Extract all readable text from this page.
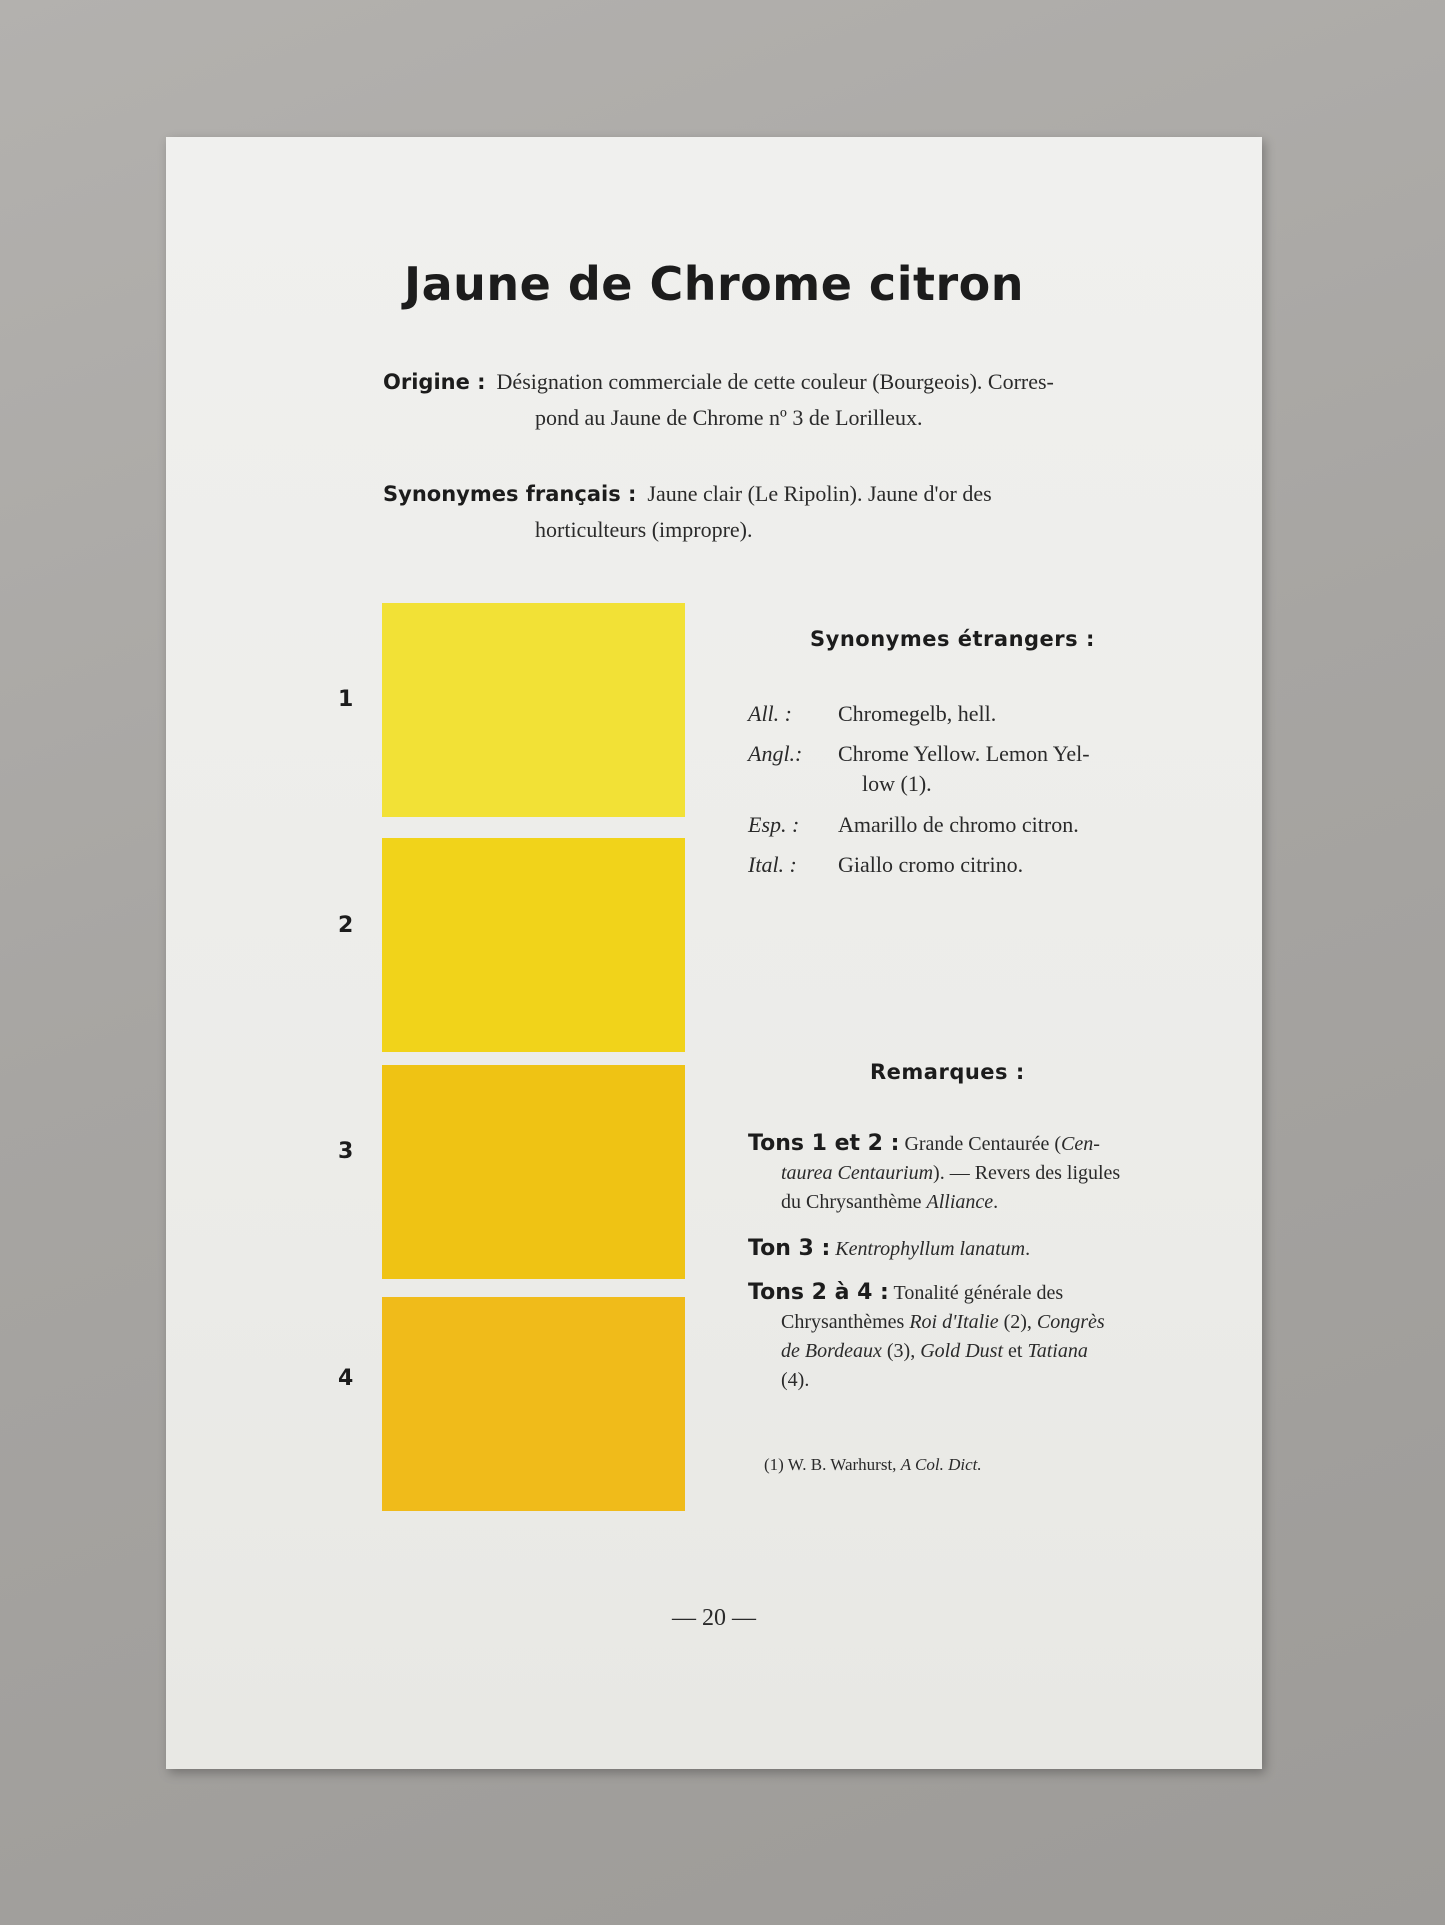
Jaune de Chrome citron
Origine : Désignation commerciale de cette couleur (Bourgeois). Corres-
pond au Jaune de Chrome nº 3 de Lorilleux.
Synonymes français : Jaune clair (Le Ripolin). Jaune d'or des
horticulteurs (impropre).
1
2
3
4
Synonymes étrangers :
All. : Chromegelb, hell.
Angl.: Chrome Yellow. Lemon Yel-
low (1).
Esp. : Amarillo de chromo citron.
Ital. : Giallo cromo citrino.
Remarques :
Tons 1 et 2 : Grande Centaurée (Cen-
taurea Centaurium). — Revers des ligules
du Chrysanthème Alliance.
Ton 3 : Kentrophyllum lanatum.
Tons 2 à 4 : Tonalité générale des
Chrysanthèmes Roi d'Italie (2), Congrès
de Bordeaux (3), Gold Dust et Tatiana
(4).
(1) W. B. Warhurst, A Col. Dict.
— 20 —
